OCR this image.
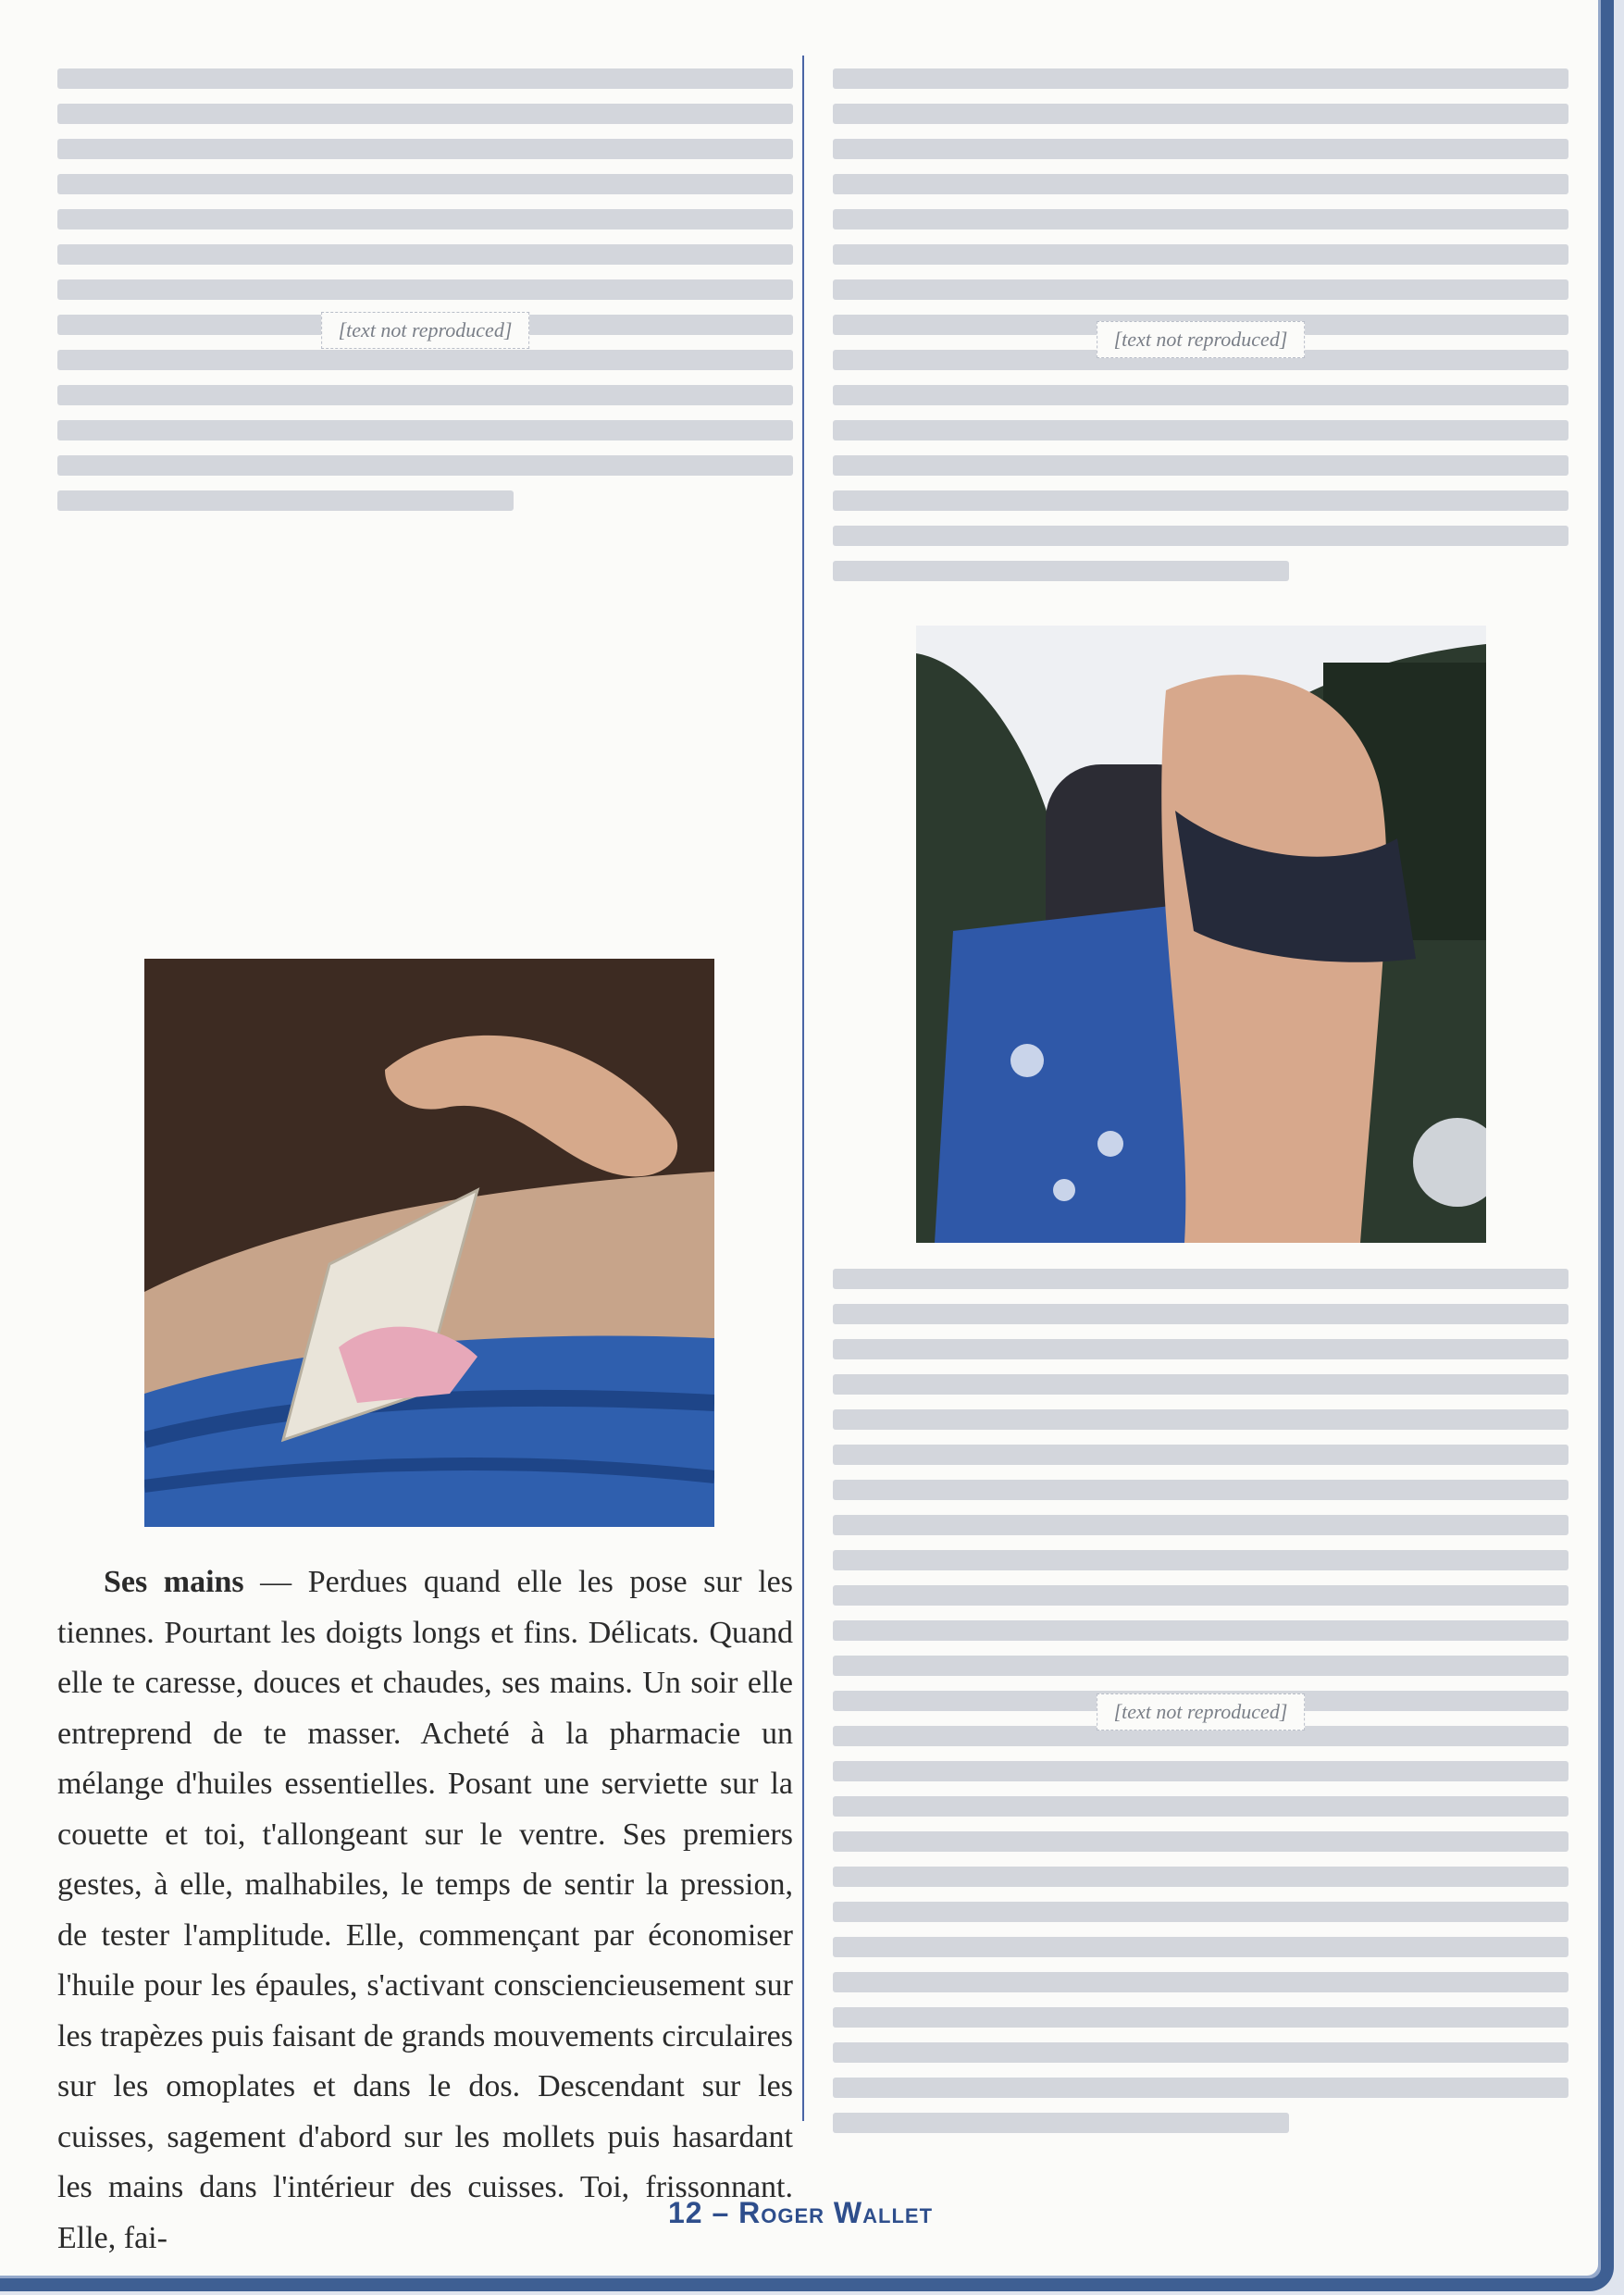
[text not reproduced]

Ses mains — Perdues quand elle les pose sur les tiennes. Pourtant les doigts longs et fins. Délicats. Quand elle te caresse, douces et chaudes, ses mains. Un soir elle entreprend de te masser. Acheté à la pharmacie un mélange d'huiles essentielles. Posant une serviette sur la couette et toi, t'allongeant sur le ventre. Ses premiers gestes, à elle, malhabiles, le temps de sentir la pression, de tester l'amplitude. Elle, commençant par économiser l'huile pour les épaules, s'activant consciencieusement sur les trapèzes puis faisant de grands mouvements circulaires sur les omoplates et dans le dos. Descendant sur les cuisses, sagement d'abord sur les mollets puis hasardant les mains dans l'intérieur des cuisses. Toi, frissonnant. Elle, fai-

[text not reproduced]
[text not reproduced]
12 – Roger Wallet
